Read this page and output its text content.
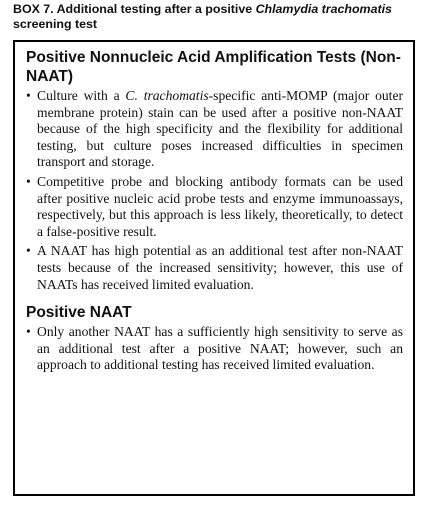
BOX 7. Additional testing after a positive Chlamydia trachomatis screening test
Positive Nonnucleic Acid Amplification Tests (Non-NAAT)
• Culture with a C. trachomatis-specific anti-MOMP (major outer membrane protein) stain can be used after a positive non-NAAT because of the high specificity and the flexibility for additional testing, but culture poses increased difficulties in specimen transport and storage.
• Competitive probe and blocking antibody formats can be used after positive nucleic acid probe tests and enzyme immunoassays, respectively, but this approach is less likely, theoretically, to detect a false-positive result.
• A NAAT has high potential as an additional test after non-NAAT tests because of the increased sensitivity; however, this use of NAATs has received limited evaluation.
Positive NAAT
• Only another NAAT has a sufficiently high sensitivity to serve as an additional test after a positive NAAT; however, such an approach to additional testing has received limited evaluation.
